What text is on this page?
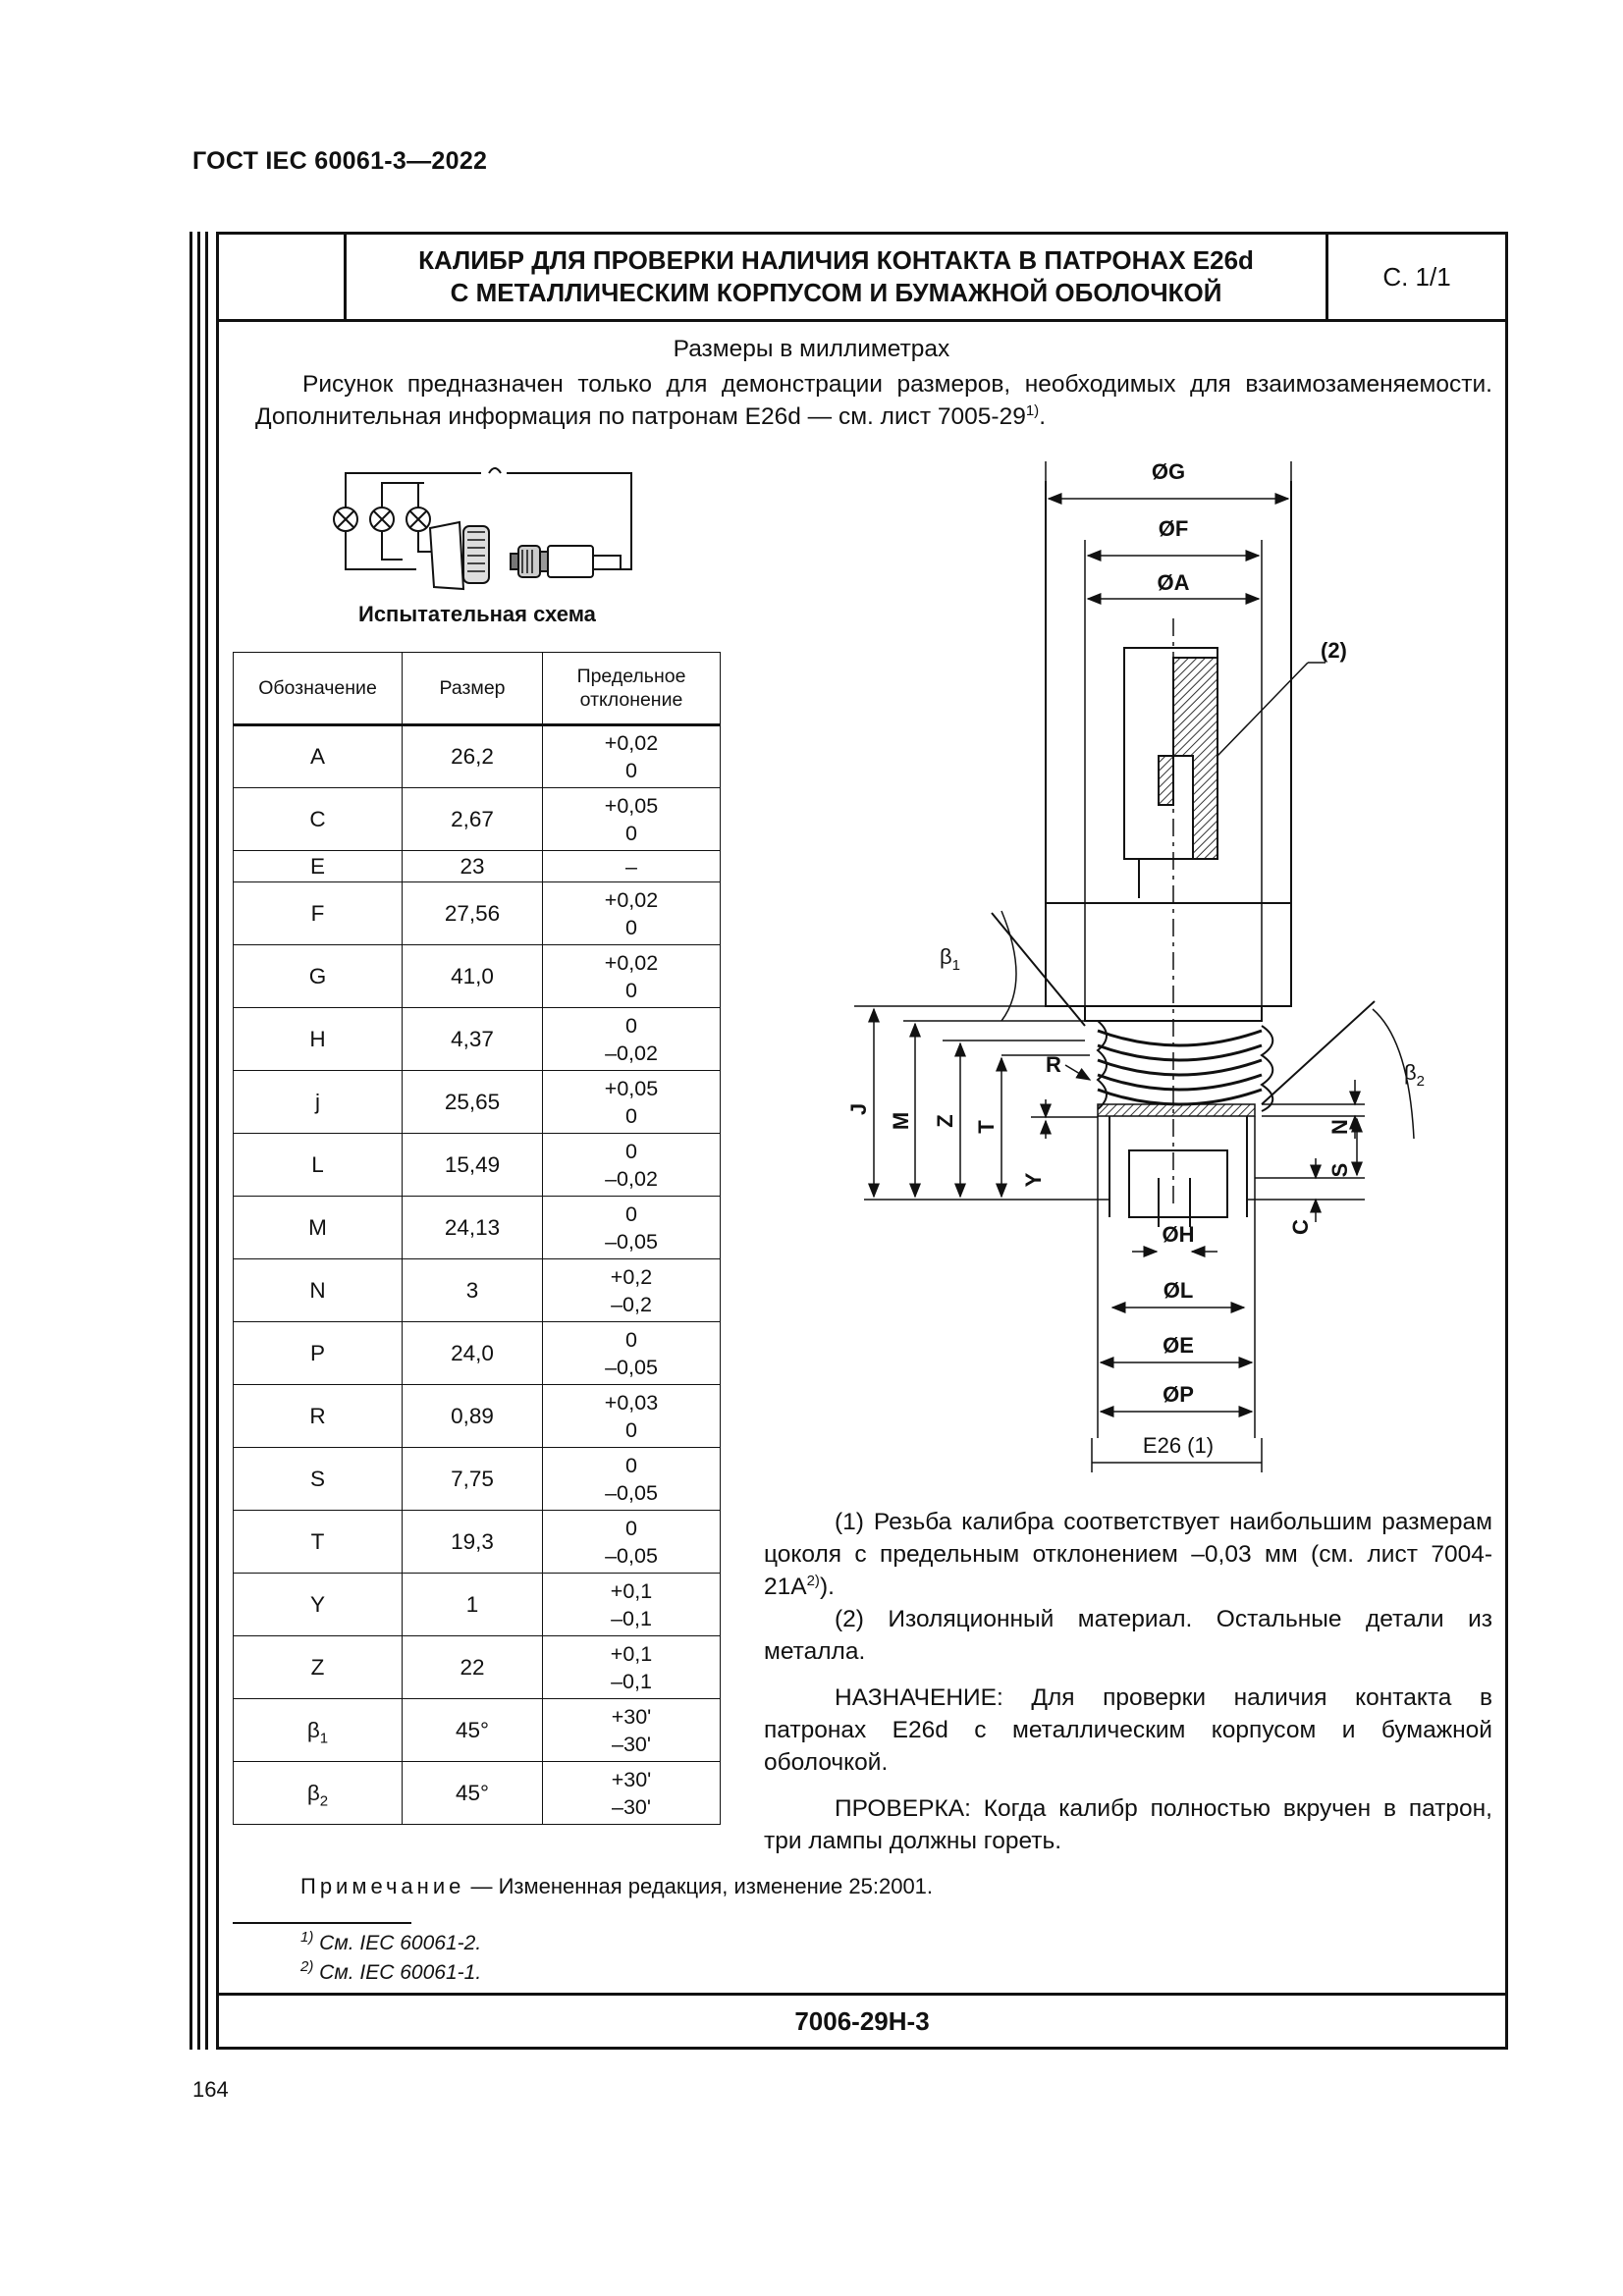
ГОСТ IEC 60061-3—2022
КАЛИБР ДЛЯ ПРОВЕРКИ НАЛИЧИЯ КОНТАКТА В ПАТРОНАХ E26d
С МЕТАЛЛИЧЕСКИМ КОРПУСОМ И БУМАЖНОЙ ОБОЛОЧКОЙ
С. 1/1
7006-29H-3
Размеры в миллиметрах
Рисунок предназначен только для демонстрации размеров, необходимых для взаимозаменяемости. Дополнительная информация по патронам E26d — см. лист 7005-29$^{1)}$.
Испытательная схема
Обозначение	Размер	Предельное отклонение
A	26,2	+0,02
0

C	2,67	+0,05
0

E	23	–

F	27,56	+0,02
0

G	41,0	+0,02
0

H	4,37	0
–0,02

j	25,65	+0,05
0

L	15,49	0
–0,02

M	24,13	0
–0,05

N	3	+0,2
–0,2

P	24,0	0
–0,05

R	0,89	+0,03
0

S	7,75	0
–0,05

T	19,3	0
–0,05

Y	1	+0,1
–0,1

Z	22	+0,1
–0,1

$\beta_1$	45°	+30'
–30'

$\beta_2$	45°	+30'
–30'
Примечание — Измененная редакция, изменение 25:2001.
$^{1)}$ См. IEC 60061-2.
$^{2)}$ См. IEC 60061-1.
ØG
ØF
ØA
(2)
$\beta_1$
$\beta_2$
R
J
M Z T
Y
N
S
C
ØH
ØL
ØE
ØP
E26 (1)

(1) Резьба калибра соответствует наибольшим размерам цоколя с предельным отклонением –0,03 мм (см. лист $7004-21A^{2)}$).

(2) Изоляционный материал. Остальные детали из металла.

НАЗНАЧЕНИЕ: Для проверки наличия контакта в патронах E26d с металлическим корпусом и бумажной оболочкой.

ПРОВЕРКА: Когда калибр полностью вкручен в патрон, три лампы должны гореть.

164
